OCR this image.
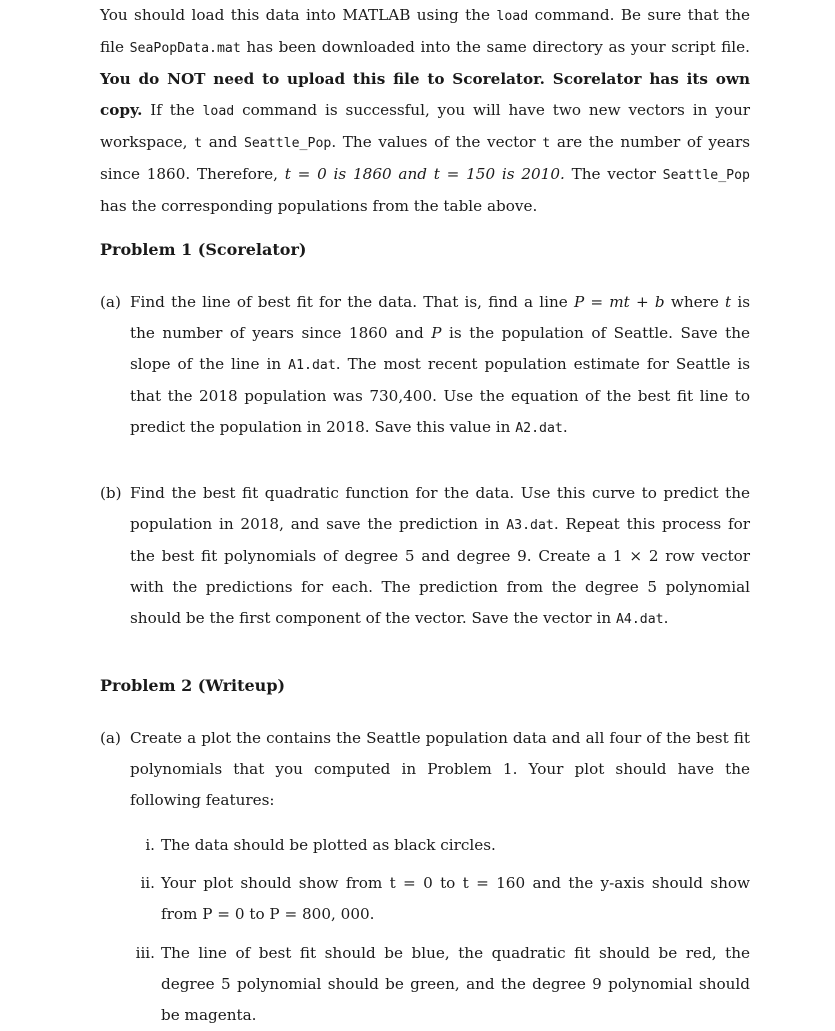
You should load this data into MATLAB using the load command. Be sure that the file SeaPopData.mat has been downloaded into the same directory as your script file. You do NOT need to upload this file to Scorelator. Scorelator has its own copy. If the load command is successful, you will have two new vectors in your workspace, t and Seattle_Pop. The values of the vector t are the number of years since 1860. Therefore, t = 0 is 1860 and t = 150 is 2010. The vector Seattle_Pop has the corresponding populations from the table above.
Problem 1 (Scorelator)
(a) Find the line of best fit for the data. That is, find a line P = mt + b where t is the number of years since 1860 and P is the population of Seattle. Save the slope of the line in A1.dat. The most recent population estimate for Seattle is that the 2018 population was 730,400. Use the equation of the best fit line to predict the population in 2018. Save this value in A2.dat.
(b) Find the best fit quadratic function for the data. Use this curve to predict the population in 2018, and save the prediction in A3.dat. Repeat this process for the best fit polynomials of degree 5 and degree 9. Create a 1 × 2 row vector with the predictions for each. The prediction from the degree 5 polynomial should be the first component of the vector. Save the vector in A4.dat.
Problem 2 (Writeup)
(a) Create a plot the contains the Seattle population data and all four of the best fit polynomials that you computed in Problem 1. Your plot should have the following features:
i. The data should be plotted as black circles.
ii. Your plot should show from t = 0 to t = 160 and the y-axis should show from P = 0 to P = 800, 000.
iii. The line of best fit should be blue, the quadratic fit should be red, the degree 5 polynomial should be green, and the degree 9 polynomial should be magenta.
